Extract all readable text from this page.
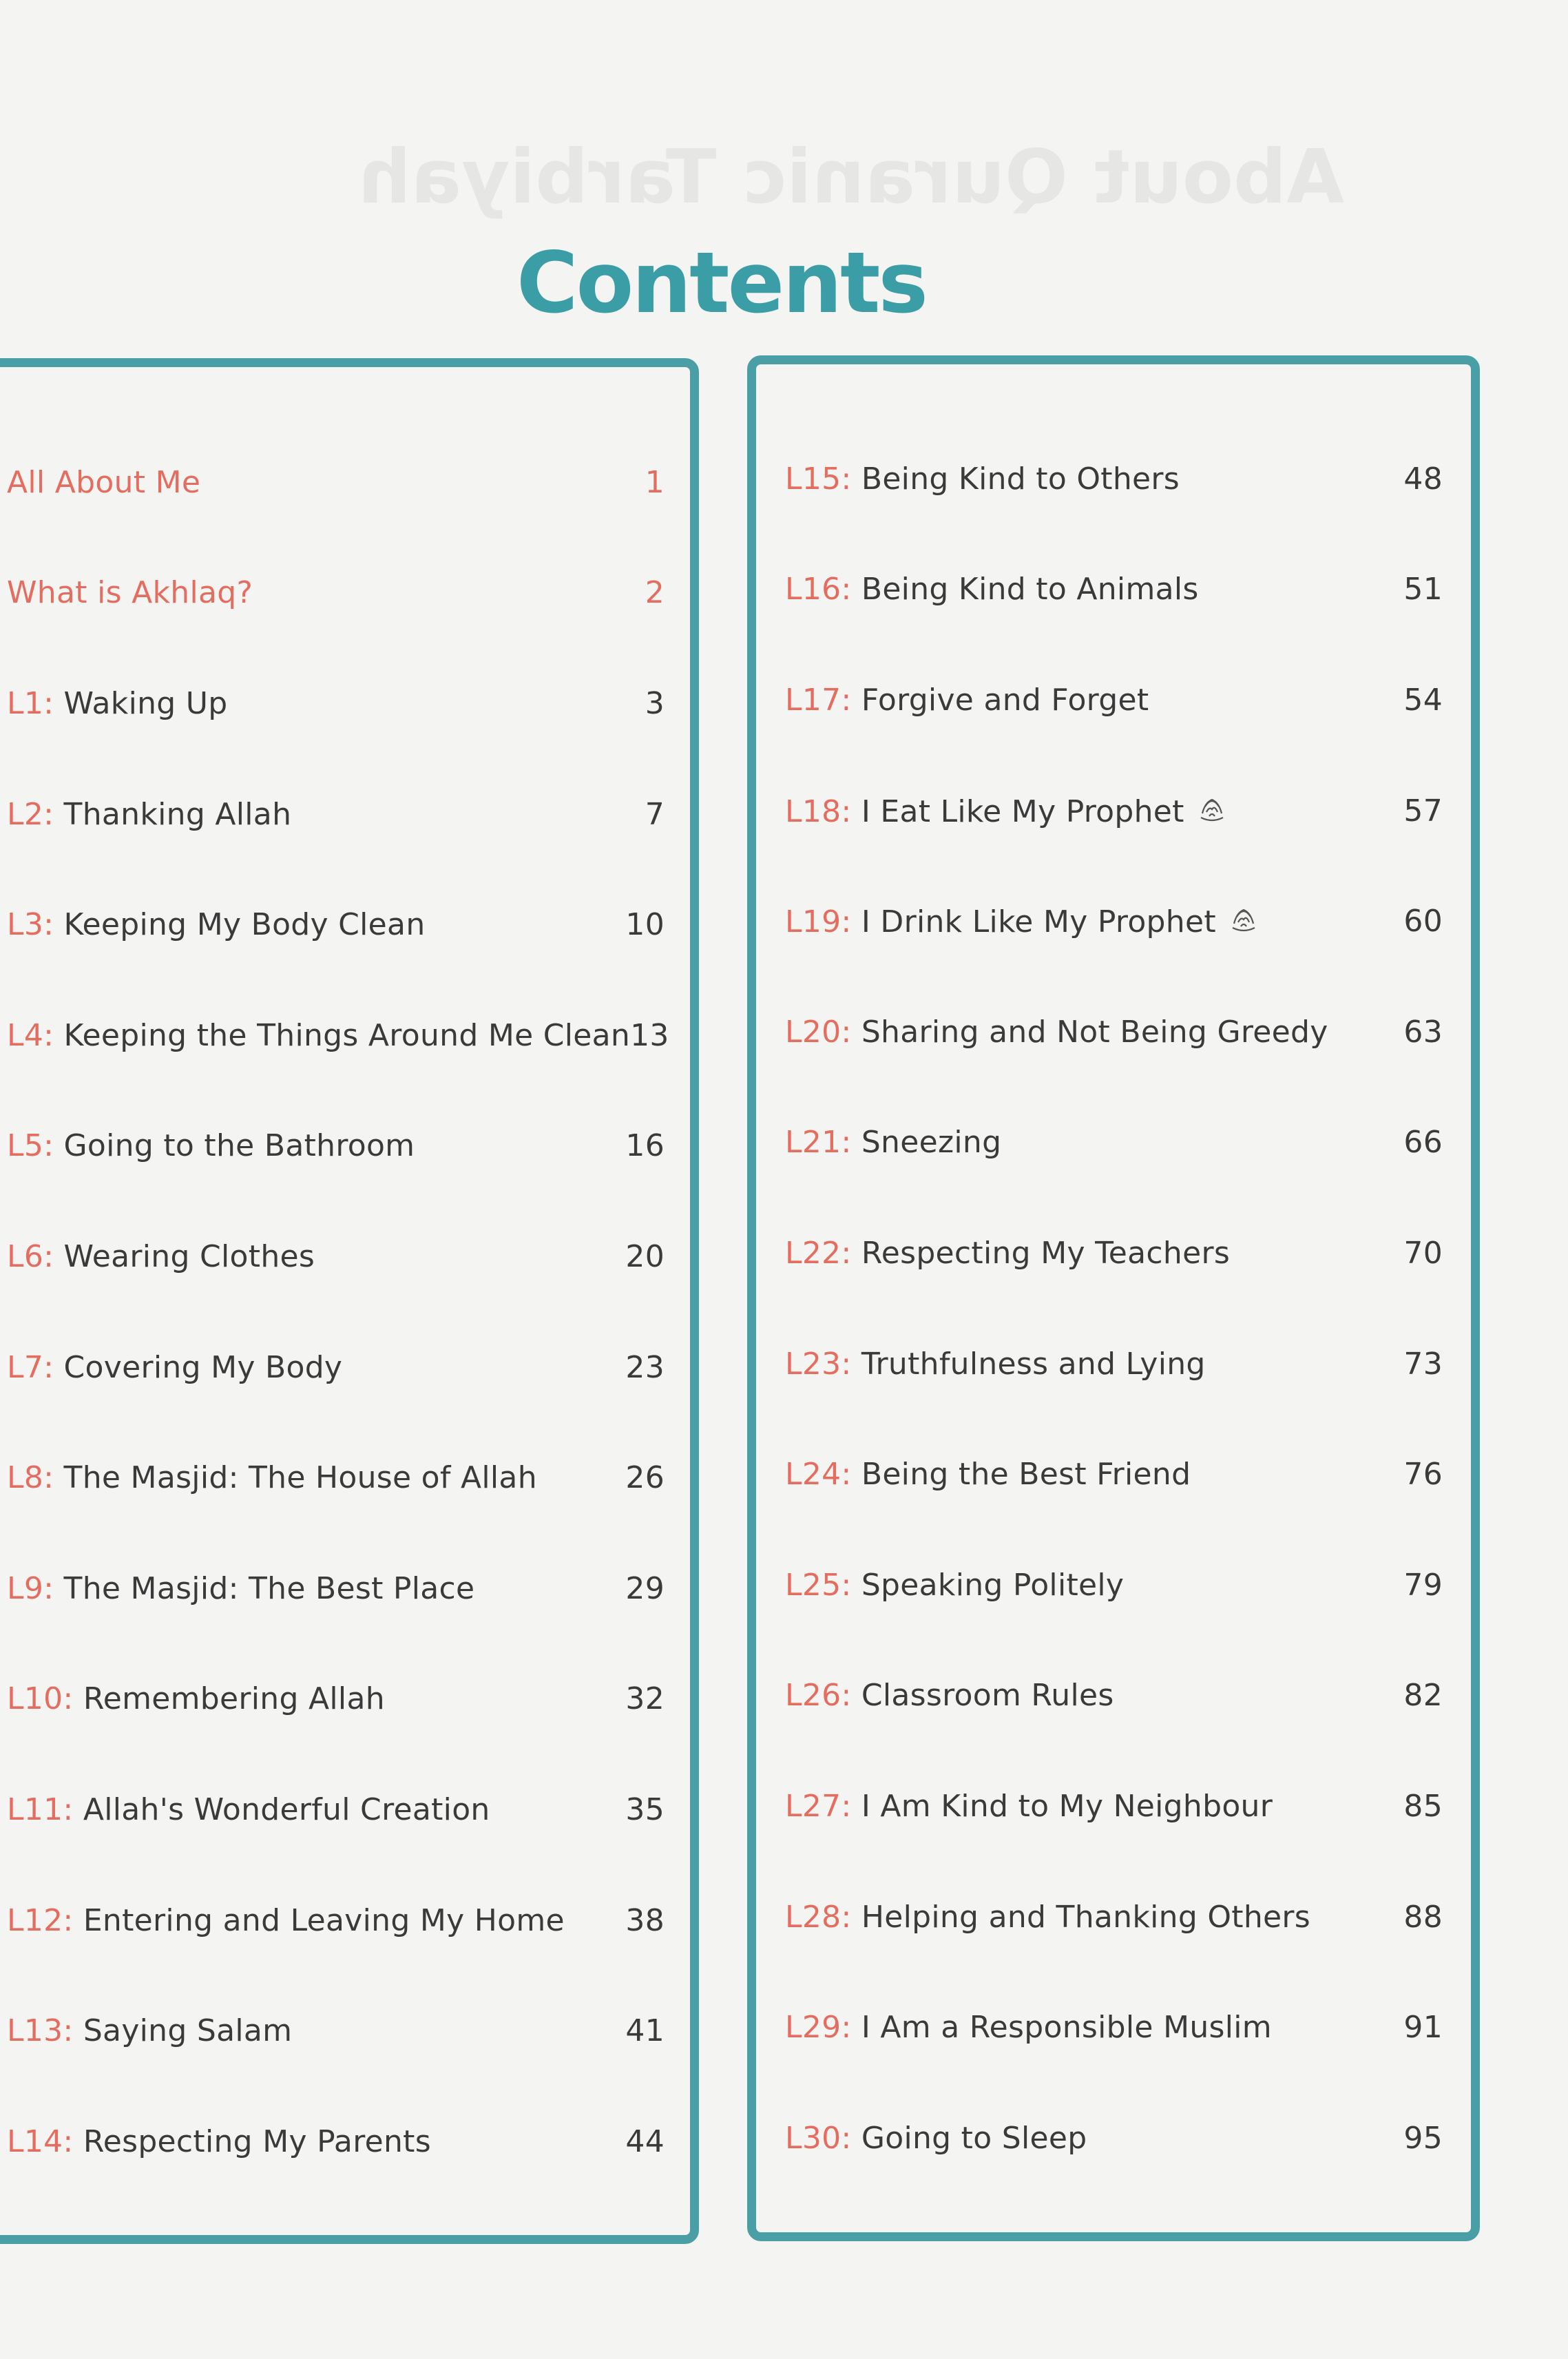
About Quranic Tarbiyah
Contents
All About Me	1
What is Akhlaq?	2
L1: Waking Up	3
L2: Thanking Allah	7
L3: Keeping My Body Clean	10
L4: Keeping the Things Around Me Clean 13
L5: Going to the Bathroom	16
L6: Wearing Clothes	20
L7: Covering My Body	23
L8: The Masjid: The House of Allah	26
L9: The Masjid: The Best Place	29
L10: Remembering Allah	32
L11: Allah's Wonderful Creation	35
L12: Entering and Leaving My Home	38
L13: Saying Salam	41
L14: Respecting My Parents	44
L15: Being Kind to Others	48
L16: Being Kind to Animals	51
L17: Forgive and Forget	54
L18: I Eat Like My Prophet	57
L19: I Drink Like My Prophet	60
L20: Sharing and Not Being Greedy	63
L21: Sneezing	66
L22: Respecting My Teachers	70
L23: Truthfulness and Lying	73
L24: Being the Best Friend	76
L25: Speaking Politely	79
L26: Classroom Rules	82
L27: I Am Kind to My Neighbour	85
L28: Helping and Thanking Others	88
L29: I Am a Responsible Muslim	91
L30: Going to Sleep	95
